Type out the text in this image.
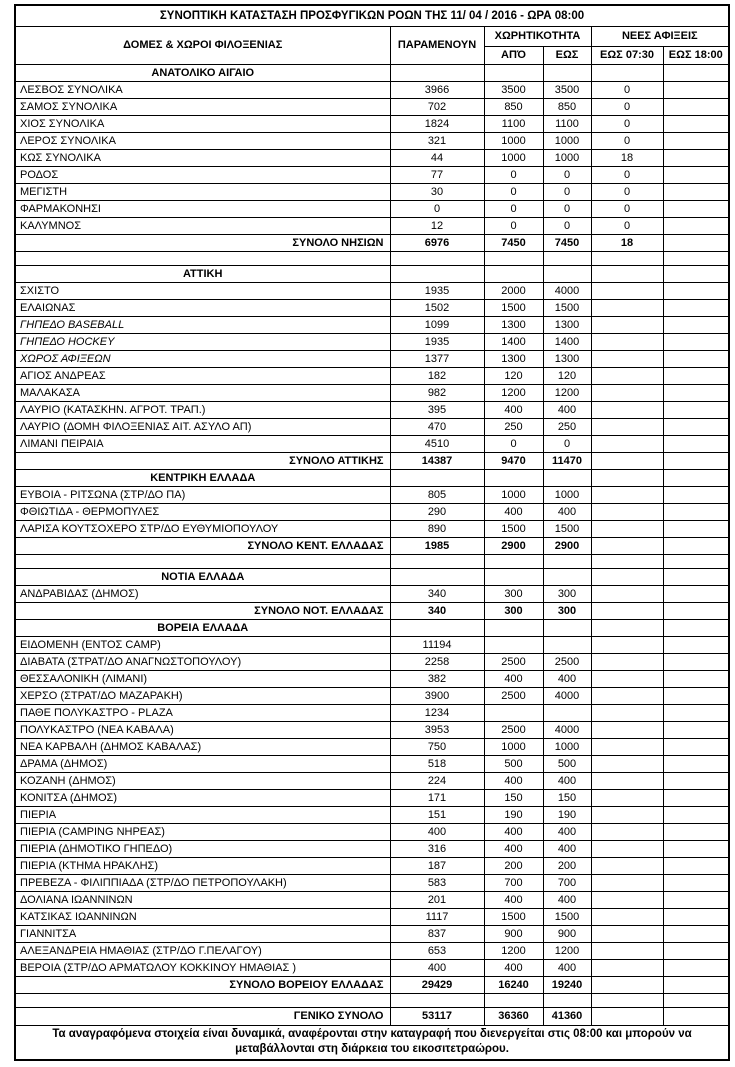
ΣΥΝΟΠΤΙΚΗ ΚΑΤΑΣΤΑΣΗ ΠΡΟΣΦΥΓΙΚΩΝ ΡΟΩΝ ΤΗΣ 11/ 04 / 2016 - ΩΡΑ 08:00					
ΔΟΜΕΣ & ΧΩΡΟΙ ΦΙΛΟΞΕΝΙΑΣ	ΠΑΡΑΜΕΝΟΥΝ	ΧΩΡΗΤΙΚΟΤΗΤΑ		ΝΕΕΣ ΑΦΙΞΕΙΣ	
		ΑΠΌ	ΕΩΣ	ΕΩΣ 07:30	ΕΩΣ 18:00
ΑΝΑΤΟΛΙΚΟ ΑΙΓΑΙΟ					
ΛΕΣΒΟΣ ΣΥΝΟΛΙΚΑ	3966	3500	3500	0	
ΣΑΜΟΣ ΣΥΝΟΛΙΚΑ	702	850	850	0	
ΧΙΟΣ ΣΥΝΟΛΙΚΑ	1824	1100	1100	0	
ΛΕΡΟΣ ΣΥΝΟΛΙΚΑ	321	1000	1000	0	
ΚΩΣ ΣΥΝΟΛΙΚΑ	44	1000	1000	18	
ΡΟΔΟΣ	77	0	0	0	
ΜΕΓΙΣΤΗ	30	0	0	0	
ΦΑΡΜΑΚΟΝΗΣΙ	0	0	0	0	
ΚΑΛΥΜΝΟΣ	12	0	0	0	
ΣΥΝΟΛΟ ΝΗΣΙΩΝ	6976	7450	7450	18	

ΑΤΤΙΚΗ					
ΣΧΙΣΤΟ	1935	2000	4000		
ΕΛΑΙΩΝΑΣ	1502	1500	1500		
ΓΗΠΕΔΟ BASEBALL	1099	1300	1300		
ΓΗΠΕΔΟ HOCKEY	1935	1400	1400		
ΧΩΡΟΣ ΑΦΙΞΕΩΝ	1377	1300	1300		
ΑΓΙΟΣ ΑΝΔΡΕΑΣ	182	120	120		
ΜΑΛΑΚΑΣΑ	982	1200	1200		
ΛΑΥΡΙΟ (ΚΑΤΑΣΚΗΝ. ΑΓΡΟΤ. ΤΡΑΠ.)	395	400	400		
ΛΑΥΡΙΟ (ΔΟΜΗ ΦΙΛΟΞΕΝΙΑΣ ΑΙΤ. ΑΣΥΛΟ ΑΠ)	470	250	250		
ΛΙΜΑΝΙ ΠΕΙΡΑΙΑ	4510	0	0		
ΣΥΝΟΛΟ ΑΤΤΙΚΗΣ	14387	9470	11470		
ΚΕΝΤΡΙΚΗ ΕΛΛΑΔΑ					
ΕΥΒΟΙΑ - ΡΙΤΣΩΝΑ (ΣΤΡ/ΔΟ ΠΑ)	805	1000	1000		
ΦΘΙΩΤΙΔΑ - ΘΕΡΜΟΠΥΛΕΣ	290	400	400		
ΛΑΡΙΣΑ ΚΟΥΤΣΟΧΕΡΟ ΣΤΡ/ΔΟ ΕΥΘΥΜΙΟΠΟΥΛΟΥ	890	1500	1500		
ΣΥΝΟΛΟ ΚΕΝΤ. ΕΛΛΑΔΑΣ	1985	2900	2900		

ΝΟΤΙΑ ΕΛΛΑΔΑ					
ΑΝΔΡΑΒΙΔΑΣ (ΔΗΜΟΣ)	340	300	300		
ΣΥΝΟΛΟ ΝΟΤ. ΕΛΛΑΔΑΣ	340	300	300		
ΒΟΡΕΙΑ ΕΛΛΑΔΑ					
ΕΙΔΟΜΕΝΗ (ΕΝΤΟΣ CAMP)	11194				
ΔΙΑΒΑΤΑ (ΣΤΡΑΤ/ΔΟ ΑΝΑΓΝΩΣΤΟΠΟΥΛΟΥ)	2258	2500	2500		
ΘΕΣΣΑΛΟΝΙΚΗ (ΛΙΜΑΝΙ)	382	400	400		
ΧΕΡΣΟ (ΣΤΡΑΤ/ΔΟ ΜΑΖΑΡΑΚΗ)	3900	2500	4000		
ΠΑΘΕ ΠΟΛΥΚΑΣΤΡΟ - PLAZA	1234				
ΠΟΛΥΚΑΣΤΡΟ (ΝΕΑ ΚΑΒΑΛΑ)	3953	2500	4000		
ΝΕΑ ΚΑΡΒΑΛΗ (ΔΗΜΟΣ ΚΑΒΑΛΑΣ)	750	1000	1000		
ΔΡΑΜΑ (ΔΗΜΟΣ)	518	500	500		
ΚΟΖΑΝΗ (ΔΗΜΟΣ)	224	400	400		
ΚΟΝΙΤΣΑ (ΔΗΜΟΣ)	171	150	150		
ΠΙΕΡΙΑ	151	190	190		
ΠΙΕΡΙΑ (CAMPING ΝΗΡΕΑΣ)	400	400	400		
ΠΙΕΡΙΑ (ΔΗΜΟΤΙΚΟ ΓΗΠΕΔΟ)	316	400	400		
ΠΙΕΡΙΑ (ΚΤΗΜΑ ΗΡΑΚΛΗΣ)	187	200	200		
ΠΡΕΒΕΖΑ - ΦΙΛΙΠΠΙΑΔΑ (ΣΤΡ/ΔΟ ΠΕΤΡΟΠΟΥΛΑΚΗ)	583	700	700		
ΔΟΛΙΑΝΑ ΙΩΑΝΝΙΝΩΝ	201	400	400		
ΚΑΤΣΙΚΑΣ ΙΩΑΝΝΙΝΩΝ	1117	1500	1500		
ΓΙΑΝΝΙΤΣΑ	837	900	900		
ΑΛΕΞΑΝΔΡΕΙΑ ΗΜΑΘΙΑΣ (ΣΤΡ/ΔΟ Γ.ΠΕΛΑΓΟΥ)	653	1200	1200		
ΒΕΡΟΙΑ (ΣΤΡ/ΔΟ ΑΡΜΑΤΩΛΟΥ ΚΟΚΚΙΝΟΥ ΗΜΑΘΙΑΣ )	400	400	400		
ΣΥΝΟΛΟ ΒΟΡΕΙΟΥ ΕΛΛΑΔΑΣ	29429	16240	19240		

ΓΕΝΙΚΟ ΣΥΝΟΛΟ	53117	36360	41360		
Τα αναγραφόμενα στοιχεία είναι δυναμικά, αναφέρονται στην καταγραφή που διενεργείται στις 08:00 και μπορούν να μεταβάλλονται στη διάρκεια του εικοσιτετραώρου.					
